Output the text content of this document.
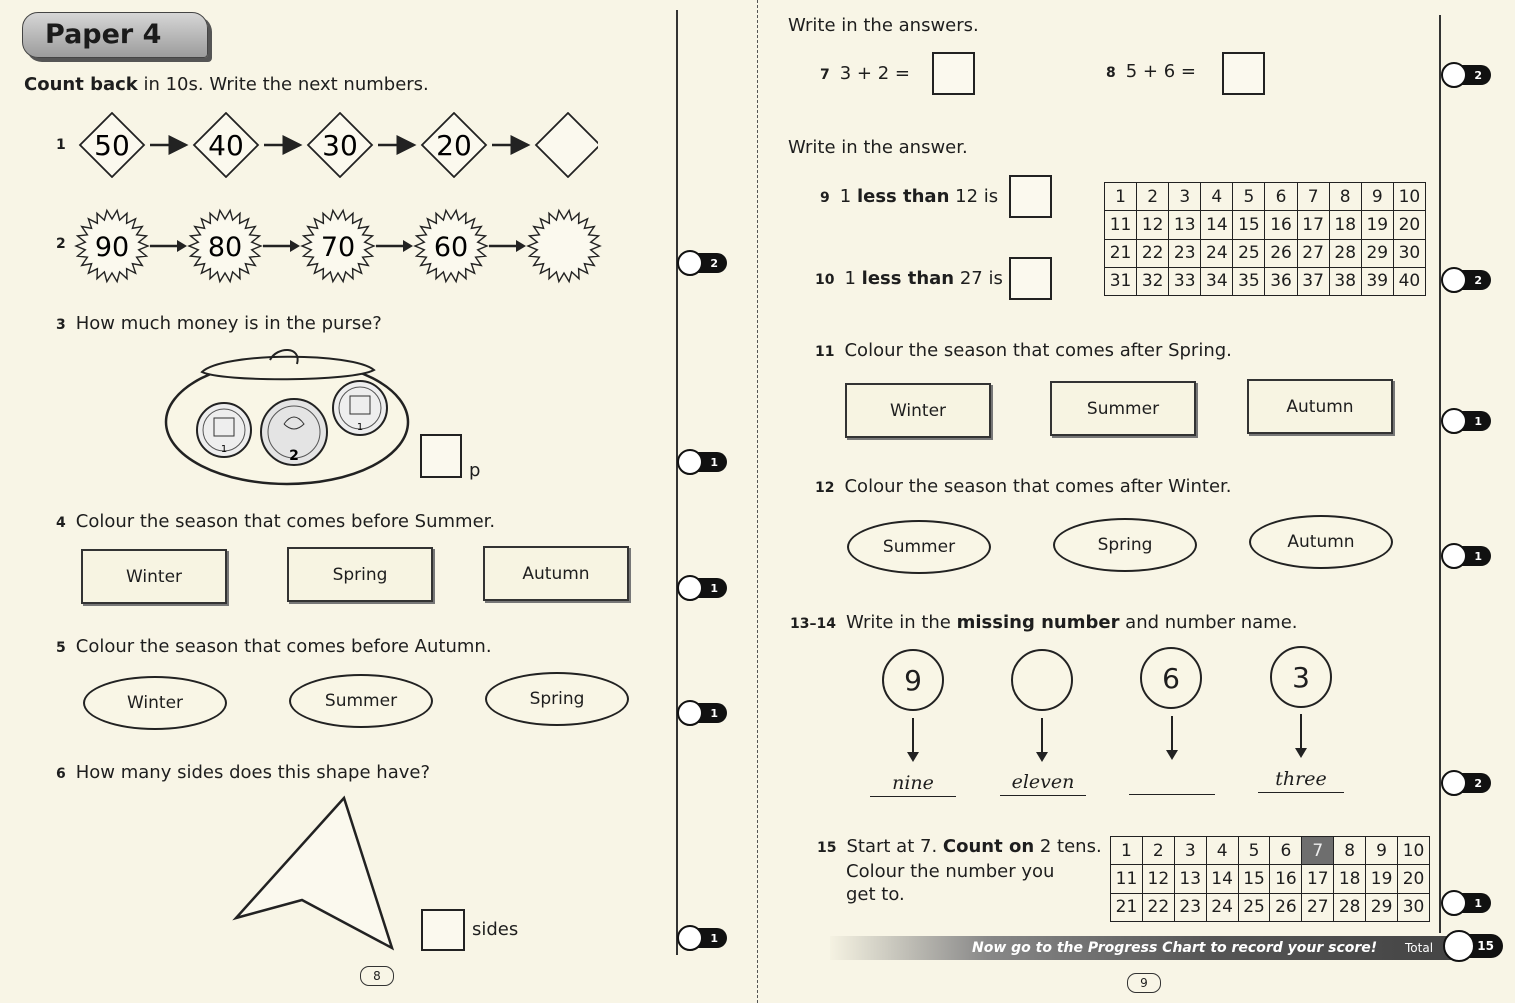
Paper 4
Count back in 10s. Write the next numbers.
1 50	40	30	20
2 90	80	70	60
3 How much money is in the purse?
1	2
1
p
4 Colour the season that comes before Summer.
Winter	Spring	Autumn
5 Colour the season that comes before Autumn.
Winter	Summer	Spring
6 How many sides does this shape have?
sides
8
2
1
1
1
1
Write in the answers.
7 3 + 2 =	8 5 + 6 =
Write in the answer.
9 1 less than 12 is
10 1 less than 27 is
1	2	3	4	5	6	7	8	9	10
11	12	13	14	15	16	17	18	19	20
21	22	23	24	25	26	27	28	29	30
31	32	33	34	35	36	37	38	39	40
11 Colour the season that comes after Spring.
Winter	Summer	Autumn
12 Colour the season that comes after Winter.
Summer	Spring	Autumn
13–14 Write in the missing number and number name.
9	6	3
nine	eleven	three
15 Start at 7. Count on 2 tens.
Colour the number you
get to.
1	2	3	4	5	6	7	8	9	10
11	12	13	14	15	16	17	18	19	20
21	22	23	24	25	26	27	28	29	30
Now go to the Progress Chart to record your score! Total	15
9
2
2
1
1
2
1
